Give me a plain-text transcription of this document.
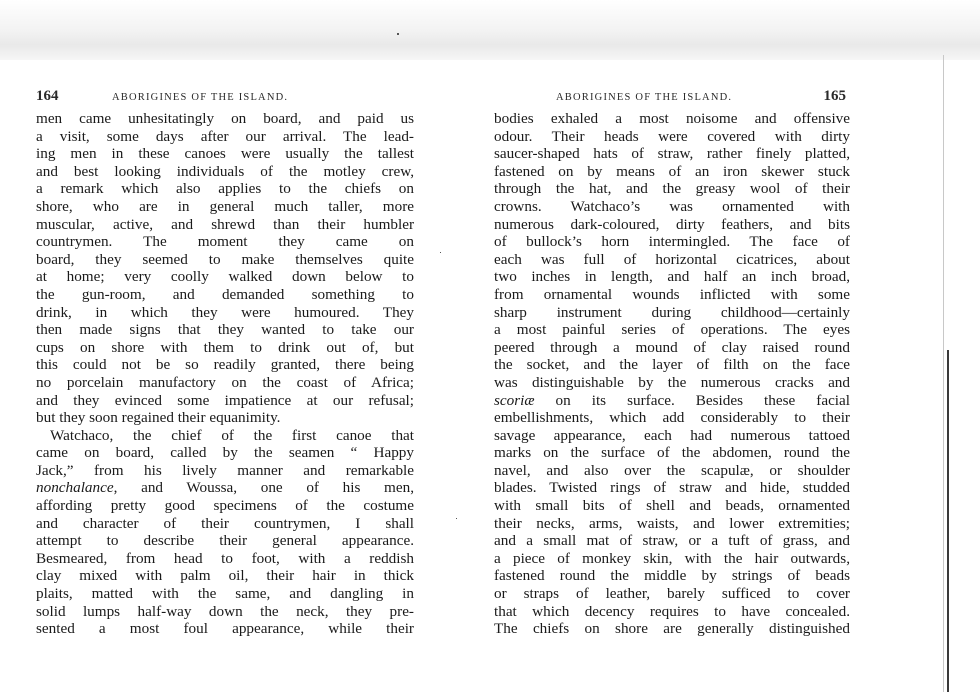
164	ABORIGINES OF THE ISLAND.
men came unhesitatingly on board, and paid us
a visit, some days after our arrival. The lead-
ing men in these canoes were usually the tallest
and best looking individuals of the motley crew,
a remark which also applies to the chiefs on
shore, who are in general much taller, more
muscular, active, and shrewd than their humbler
countrymen. The moment they came on
board, they seemed to make themselves quite
at home; very coolly walked down below to
the gun-room, and demanded something to
drink, in which they were humoured. They
then made signs that they wanted to take our
cups on shore with them to drink out of, but
this could not be so readily granted, there being
no porcelain manufactory on the coast of Africa;
and they evinced some impatience at our refusal;
but they soon regained their equanimity.
Watchaco, the chief of the first canoe that
came on board, called by the seamen “ Happy
Jack,” from his lively manner and remarkable
nonchalance, and Woussa, one of his men,
affording pretty good specimens of the costume
and character of their countrymen, I shall
attempt to describe their general appearance.
Besmeared, from head to foot, with a reddish
clay mixed with palm oil, their hair in thick
plaits, matted with the same, and dangling in
solid lumps half-way down the neck, they pre-
sented a most foul appearance, while their
ABORIGINES OF THE ISLAND.	165
bodies exhaled a most noisome and offensive
odour. Their heads were covered with dirty
saucer-shaped hats of straw, rather finely platted,
fastened on by means of an iron skewer stuck
through the hat, and the greasy wool of their
crowns. Watchaco’s was ornamented with
numerous dark-coloured, dirty feathers, and bits
of bullock’s horn intermingled. The face of
each was full of horizontal cicatrices, about
two inches in length, and half an inch broad,
from ornamental wounds inflicted with some
sharp instrument during childhood—certainly
a most painful series of operations. The eyes
peered through a mound of clay raised round
the socket, and the layer of filth on the face
was distinguishable by the numerous cracks and
scoriæ on its surface. Besides these facial
embellishments, which add considerably to their
savage appearance, each had numerous tattoed
marks on the surface of the abdomen, round the
navel, and also over the scapulæ, or shoulder
blades. Twisted rings of straw and hide, studded
with small bits of shell and beads, ornamented
their necks, arms, waists, and lower extremities;
and a small mat of straw, or a tuft of grass, and
a piece of monkey skin, with the hair outwards,
fastened round the middle by strings of beads
or straps of leather, barely sufficed to cover
that which decency requires to have concealed.
The chiefs on shore are generally distinguished
